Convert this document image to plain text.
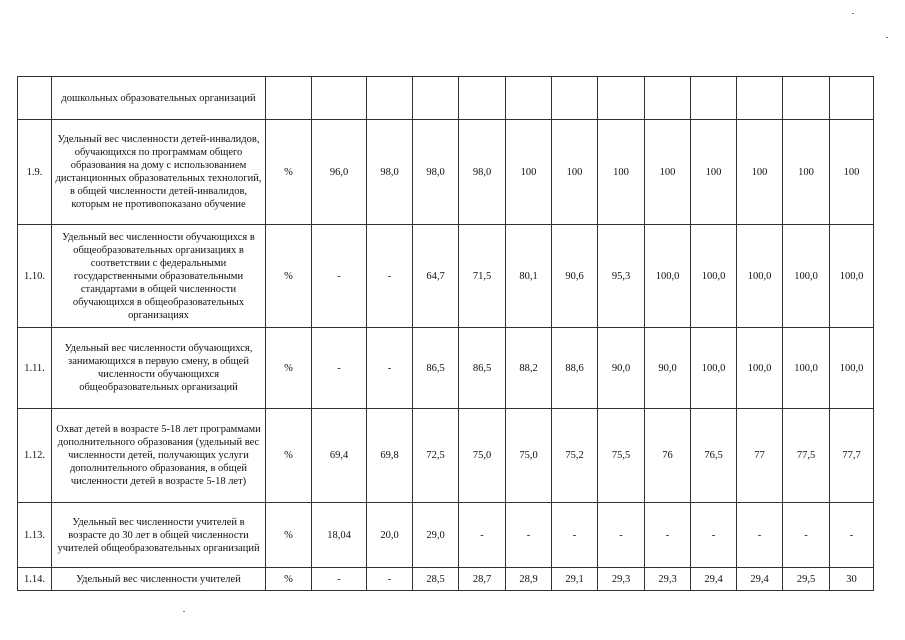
	дошкольных образовательных организаций													
1.9.	Удельный вес численности детей-инвалидов, обучающихся по программам общего образования на дому с использованием дистанционных образовательных технологий, в общей численности детей-инвалидов, которым не противопоказано обучение	%	96,0	98,0	98,0	98,0	100	100	100	100	100	100	100	100
1.10.	Удельный вес численности обучающихся в общеобразовательных организациях в соответствии с федеральными государственными образовательными стандартами в общей численности обучающихся в общеобразовательных организациях	%	-	-	64,7	71,5	80,1	90,6	95,3	100,0	100,0	100,0	100,0	100,0
1.11.	Удельный вес численности обучающихся, занимающихся в первую смену, в общей численности обучающихся общеобразовательных организаций	%	-	-	86,5	86,5	88,2	88,6	90,0	90,0	100,0	100,0	100,0	100,0
1.12.	Охват детей в возрасте 5-18 лет программами дополнительного образования (удельный вес численности детей, получающих услуги дополнительного образования, в общей численности детей в возрасте 5-18 лет)	%	69,4	69,8	72,5	75,0	75,0	75,2	75,5	76	76,5	77	77,5	77,7
1.13.	Удельный вес численности учителей в возрасте до 30 лет в общей численности учителей общеобразовательных организаций	%	18,04	20,0	29,0	-	-	-	-	-	-	-	-	-
1.14.	Удельный вес численности учителей	%	-	-	28,5	28,7	28,9	29,1	29,3	29,3	29,4	29,4	29,5	30
